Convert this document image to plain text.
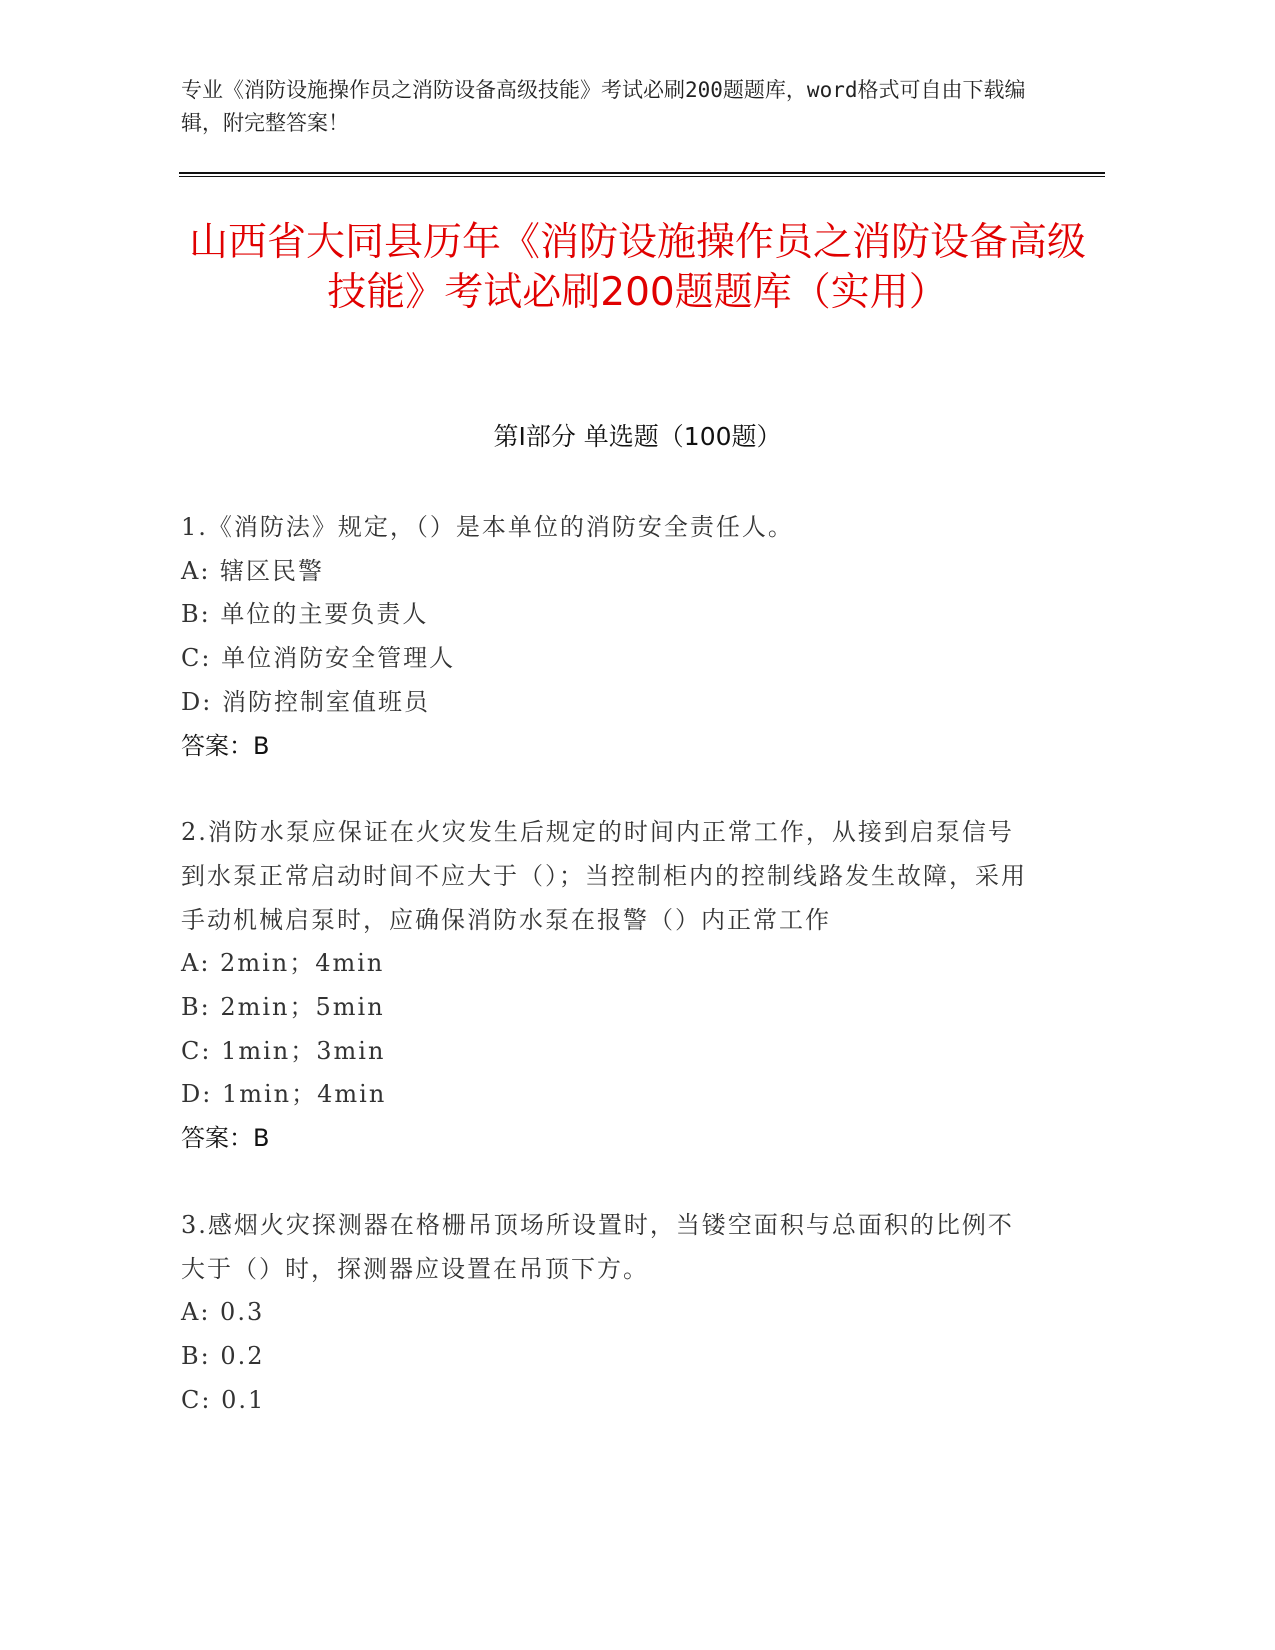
专业《消防设施操作员之消防设备高级技能》考试必刷200题题库，word格式可自由下载编辑，附完整答案！
山西省大同县历年《消防设施操作员之消防设备高级技能》考试必刷200题题库（实用）
第I部分 单选题（100题）
1.《消防法》规定，（）是本单位的消防安全责任人。
A: 辖区民警
B: 单位的主要负责人
C: 单位消防安全管理人
D: 消防控制室值班员
答案：B
2.消防水泵应保证在火灾发生后规定的时间内正常工作，从接到启泵信号到水泵正常启动时间不应大于（）；当控制柜内的控制线路发生故障，采用手动机械启泵时，应确保消防水泵在报警（）内正常工作
A: 2min；4min
B: 2min；5min
C: 1min；3min
D: 1min；4min
答案：B
3.感烟火灾探测器在格栅吊顶场所设置时，当镂空面积与总面积的比例不大于（）时，探测器应设置在吊顶下方。
A: 0.3
B: 0.2
C: 0.1
